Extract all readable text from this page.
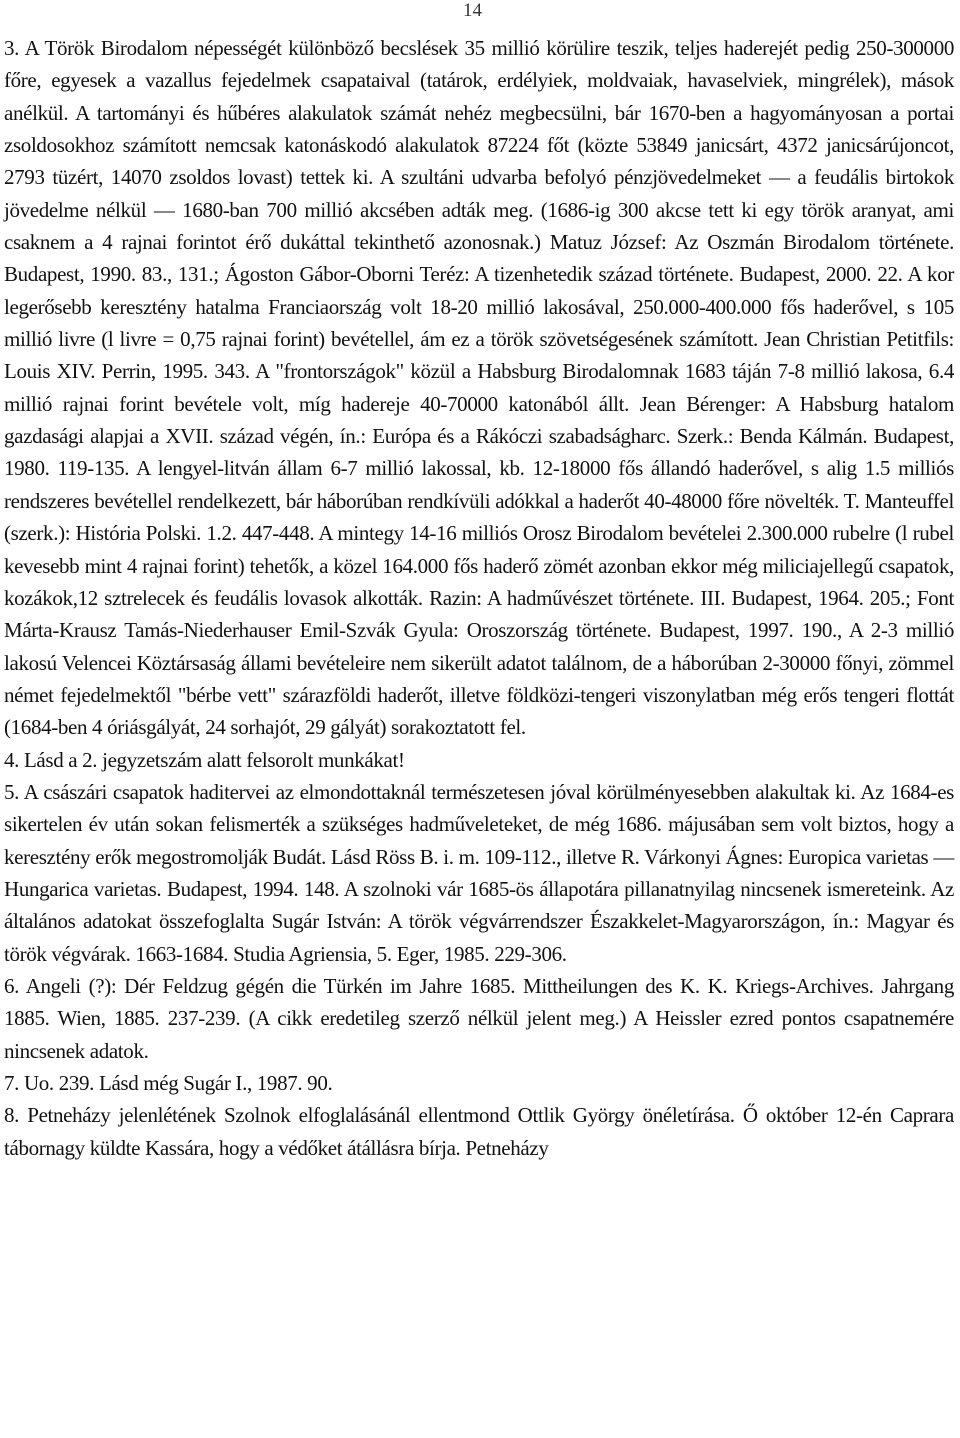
14

3. A Török Birodalom népességét különböző becslések 35 millió körülire teszik, teljes haderejét pedig 250-300000 főre, egyesek a vazallus fejedelmek csapataival (tatárok, erdélyiek, moldvaiak, havaselviek, mingrélek), mások anélkül. A tartományi és hűbéres alakulatok számát nehéz megbecsülni, bár 1670-ben a hagyományosan a portai zsoldosokhoz számított nemcsak katonáskodó alakulatok 87224 főt (közte 53849 janicsárt, 4372 janicsárújoncot, 2793 tüzért, 14070 zsoldos lovast) tettek ki. A szultáni udvarba befolyó pénzjövedelmeket — a feudális birtokok jövedelme nélkül — 1680-ban 700 millió akcsében adták meg. (1686-ig 300 akcse tett ki egy török aranyat, ami csaknem a 4 rajnai forintot érő dukáttal tekinthető azonosnak.) Matuz József: Az Oszmán Birodalom története. Budapest, 1990. 83., 131.; Ágoston Gábor-Oborni Teréz: A tizenhetedik század története. Budapest, 2000. 22. A kor legerősebb keresztény hatalma Franciaország volt 18-20 millió lakosával, 250.000-400.000 fős haderővel, s 105 millió livre (l livre = 0,75 rajnai forint) bevétellel, ám ez a török szövetségesének számított. Jean Christian Petitfils: Louis XIV. Perrin, 1995. 343. A "frontországok" közül a Habsburg Birodalomnak 1683 táján 7-8 millió lakosa, 6.4 millió rajnai forint bevétele volt, míg hadereje 40-70000 katonából állt. Jean Bérenger: A Habsburg hatalom gazdasági alapjai a XVII. század végén, ín.: Európa és a Rákóczi szabadságharc. Szerk.: Benda Kálmán. Budapest, 1980. 119-135. A lengyel-litván állam 6-7 millió lakossal, kb. 12-18000 fős állandó haderővel, s alig 1.5 milliós rendszeres bevétellel rendelkezett, bár háborúban rendkívüli adókkal a haderőt 40-48000 főre növelték. T. Manteuffel (szerk.): História Polski. 1.2. 447-448. A mintegy 14-16 milliós Orosz Birodalom bevételei 2.300.000 rubelre (l rubel kevesebb mint 4 rajnai forint) tehetők, a közel 164.000 fős haderő zömét azonban ekkor még miliciajellegű csapatok, kozákok,12 sztrelecek és feudális lovasok alkották. Razin: A hadművészet története. III. Budapest, 1964. 205.; Font Márta-Krausz Tamás-Niederhauser Emil-Szvák Gyula: Oroszország története. Budapest, 1997. 190., A 2-3 millió lakosú Velencei Köztársaság állami bevételeire nem sikerült adatot találnom, de a háborúban 2-30000 főnyi, zömmel német fejedelmektől "bérbe vett" szárazföldi haderőt, illetve földközi-tengeri viszonylatban még erős tengeri flottát (1684-ben 4 óriásgályát, 24 sorhajót, 29 gályát) sorakoztatott fel.

4. Lásd a 2. jegyzetszám alatt felsorolt munkákat!

5. A császári csapatok haditervei az elmondottaknál természetesen jóval körülményesebben alakultak ki. Az 1684-es sikertelen év után sokan felismerték a szükséges hadműveleteket, de még 1686. májusában sem volt biztos, hogy a keresztény erők megostromolják Budát. Lásd Röss B. i. m. 109-112., illetve R. Várkonyi Ágnes: Europica varietas — Hungarica varietas. Budapest, 1994. 148. A szolnoki vár 1685-ös állapotára pillanatnyilag nincsenek ismereteink. Az általános adatokat összefoglalta Sugár István: A török végvárrendszer Északkelet-Magyarországon, ín.: Magyar és török végvárak. 1663-1684. Studia Agriensia, 5. Eger, 1985. 229-306.

6. Angeli (?): Dér Feldzug gégén die Türkén im Jahre 1685. Mittheilungen des K. K. Kriegs-Archives. Jahrgang 1885. Wien, 1885. 237-239. (A cikk eredetileg szerző nélkül jelent meg.) A Heissler ezred pontos csapatnemére nincsenek adatok.

7. Uo. 239. Lásd még Sugár I., 1987. 90.

8. Petneházy jelenlétének Szolnok elfoglalásánál ellentmond Ottlik György önéletírása. Ő október 12-én Caprara tábornagy küldte Kassára, hogy a védőket átállásra bírja. Petneházy
